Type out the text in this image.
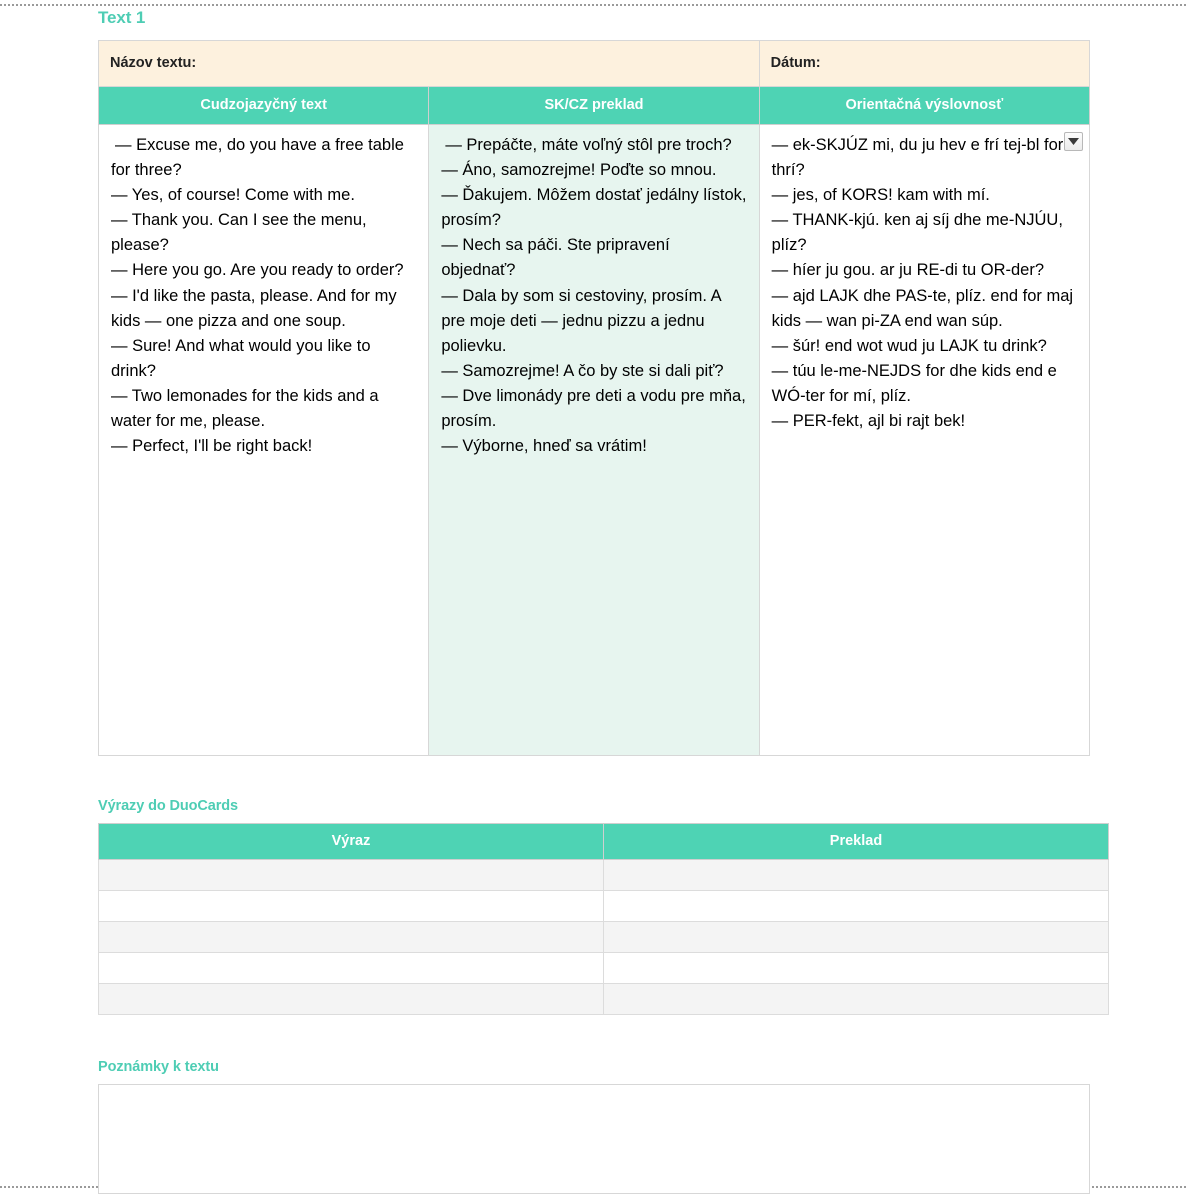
Text 1
Názov textu:		Dátum:
Cudzojazyčný text	SK/CZ preklad	Orientačná výslovnosť

— Excuse me, do you have a free table for three?
— Yes, of course! Come with me.
— Thank you. Can I see the menu, please?
— Here you go. Are you ready to order?
— I'd like the pasta, please. And for my kids — one pizza and one soup.
— Sure! And what would you like to drink?
— Two lemonades for the kids and a water for me, please.
— Perfect, I'll be right back!

— Prepáčte, máte voľný stôl pre troch?
— Áno, samozrejme! Poďte so mnou.
— Ďakujem. Môžem dostať jedálny lístok, prosím?
— Nech sa páči. Ste pripravení objednať?
— Dala by som si cestoviny, prosím. A pre moje deti — jednu pizzu a jednu polievku.
— Samozrejme! A čo by ste si dali piť?
— Dve limonády pre deti a vodu pre mňa, prosím.
— Výborne, hneď sa vrátim!

— ek-SKJÚZ mi, du ju hev e frí tej-bl for thrí?
— jes, of KORS! kam with mí.
— THANK-kjú. ken aj síj dhe me-NJÚU, plíz?
— híer ju gou. ar ju RE-di tu OR-der?
— ajd LAJK dhe PAS-te, plíz. end for maj kids — wan pi-ZA end wan súp.
— šúr! end wot wud ju LAJK tu drink?
— túu le-me-NEJDS for dhe kids end e WÓ-ter for mí, plíz.
— PER-fekt, ajl bi rajt bek!

Výrazy do DuoCards
Výraz	Preklad

Poznámky k textu
